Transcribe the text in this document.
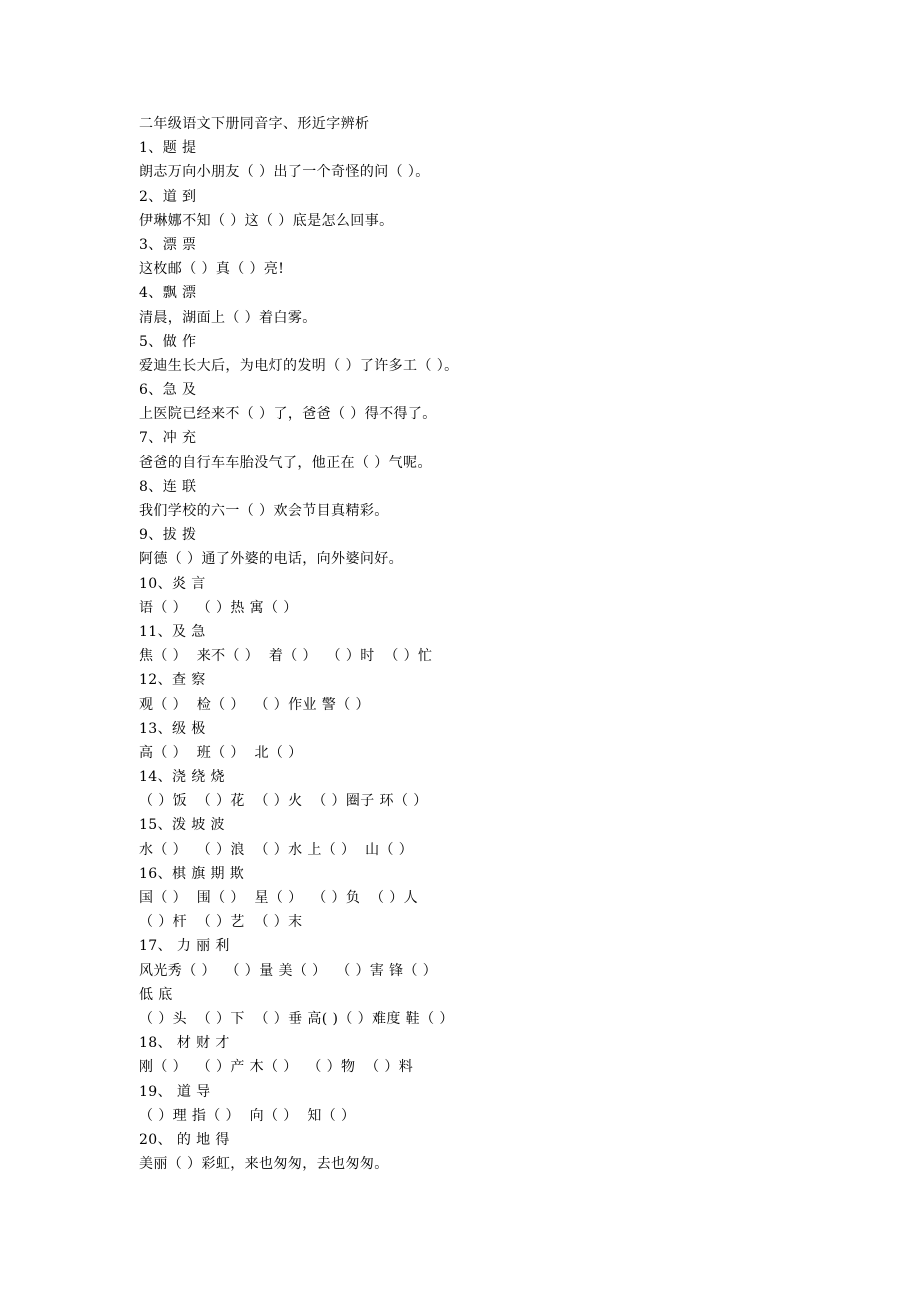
二年级语文下册同音字、形近字辨析
1、题 提
朗志万向小朋友（ ）出了一个奇怪的问（ ）。
2、道 到
伊琳娜不知（ ）这（ ）底是怎么回事。
3、漂 票
这枚邮（ ）真（ ）亮!
4、飘 漂
清晨，湖面上（ ）着白雾。
5、做 作
爱迪生长大后，为电灯的发明（ ）了许多工（ ）。
6、急 及
上医院已经来不（ ）了，爸爸（ ）得不得了。
7、冲 充
爸爸的自行车车胎没气了，他正在（ ）气呢。
8、连 联
我们学校的六一（ ）欢会节目真精彩。
9、拔 拨
阿德（ ）通了外婆的电话，向外婆问好。
10、炎 言
语（ ）  （ ）热 寓（ ）
11、及 急
焦（ ）  来不（ ）  着（ ）  （ ）时  （ ）忙
12、查 察
观（ ）  检（ ）  （ ）作业 警（ ）
13、级 极
高（ ）  班（ ）  北（ ）
14、浇 绕 烧
（ ）饭  （ ）花  （ ）火  （ ）圈子 环（ ）
15、泼 坡 波
水（ ）  （ ）浪  （ ）水 上（ ）  山（ ）
16、棋 旗 期 欺
国（ ）  围（ ）  星（ ）  （ ）负  （ ）人
（ ）杆  （ ）艺  （ ）末
17、 力 丽 利
风光秀（ ）  （ ）量 美（ ）  （ ）害 锋（ ）
低 底
（ ）头  （ ）下  （ ）垂 高( )（ ）难度 鞋（ ）
18、 材 财 才
刚（ ）  （ ）产 木（ ）  （ ）物  （ ）料
19、 道 导
（ ）理 指（ ）  向（ ）  知（ ）
20、 的 地 得
美丽（ ）彩虹，来也匆匆，去也匆匆。
